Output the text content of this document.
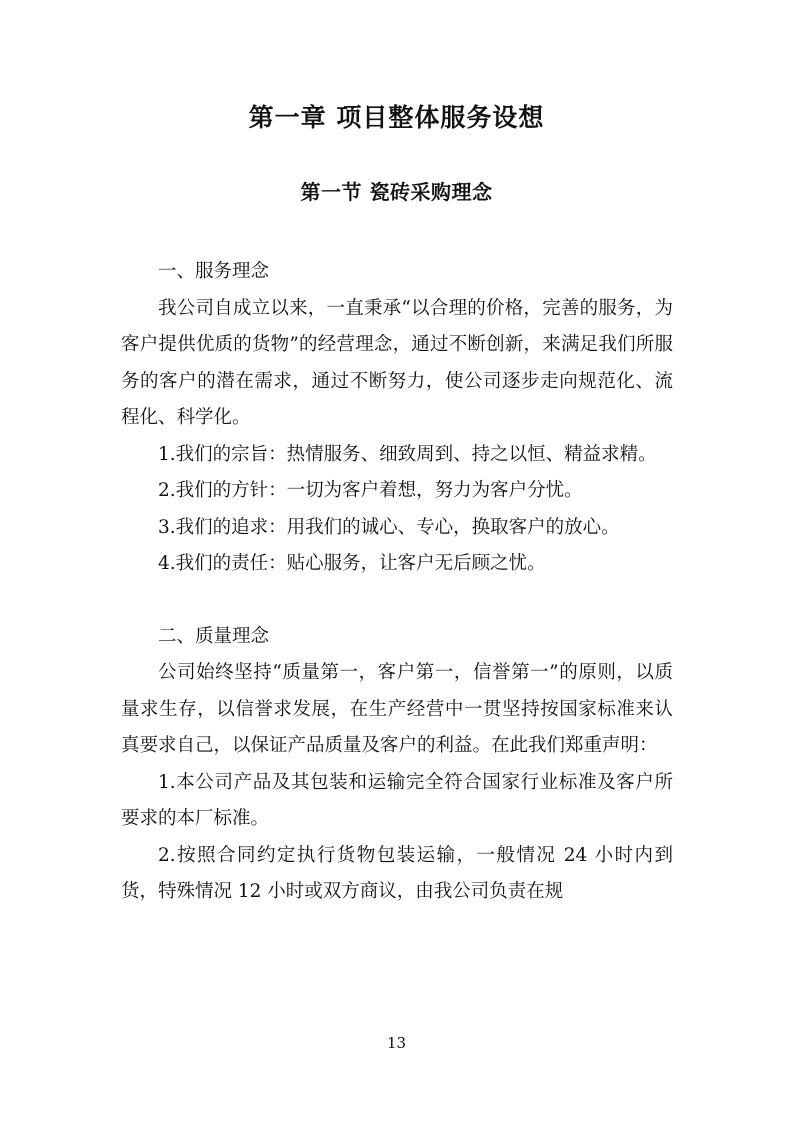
第一章 项目整体服务设想
第一节 瓷砖采购理念

一、服务理念

我公司自成立以来，一直秉承“以合理的价格，完善的服务，为客户提供优质的货物”的经营理念，通过不断创新，来满足我们所服务的客户的潜在需求，通过不断努力，使公司逐步走向规范化、流程化、科学化。

1.我们的宗旨：热情服务、细致周到、持之以恒、精益求精。

2.我们的方针：一切为客户着想，努力为客户分忧。

3.我们的追求：用我们的诚心、专心，换取客户的放心。

4.我们的责任：贴心服务，让客户无后顾之忧。

二、质量理念

公司始终坚持“质量第一，客户第一，信誉第一”的原则，以质量求生存，以信誉求发展，在生产经营中一贯坚持按国家标准来认真要求自己，以保证产品质量及客户的利益。在此我们郑重声明：

1.本公司产品及其包装和运输完全符合国家行业标准及客户所要求的本厂标准。

2.按照合同约定执行货物包装运输，一般情况 24 小时内到货，特殊情况 12 小时或双方商议，由我公司负责在规

13
